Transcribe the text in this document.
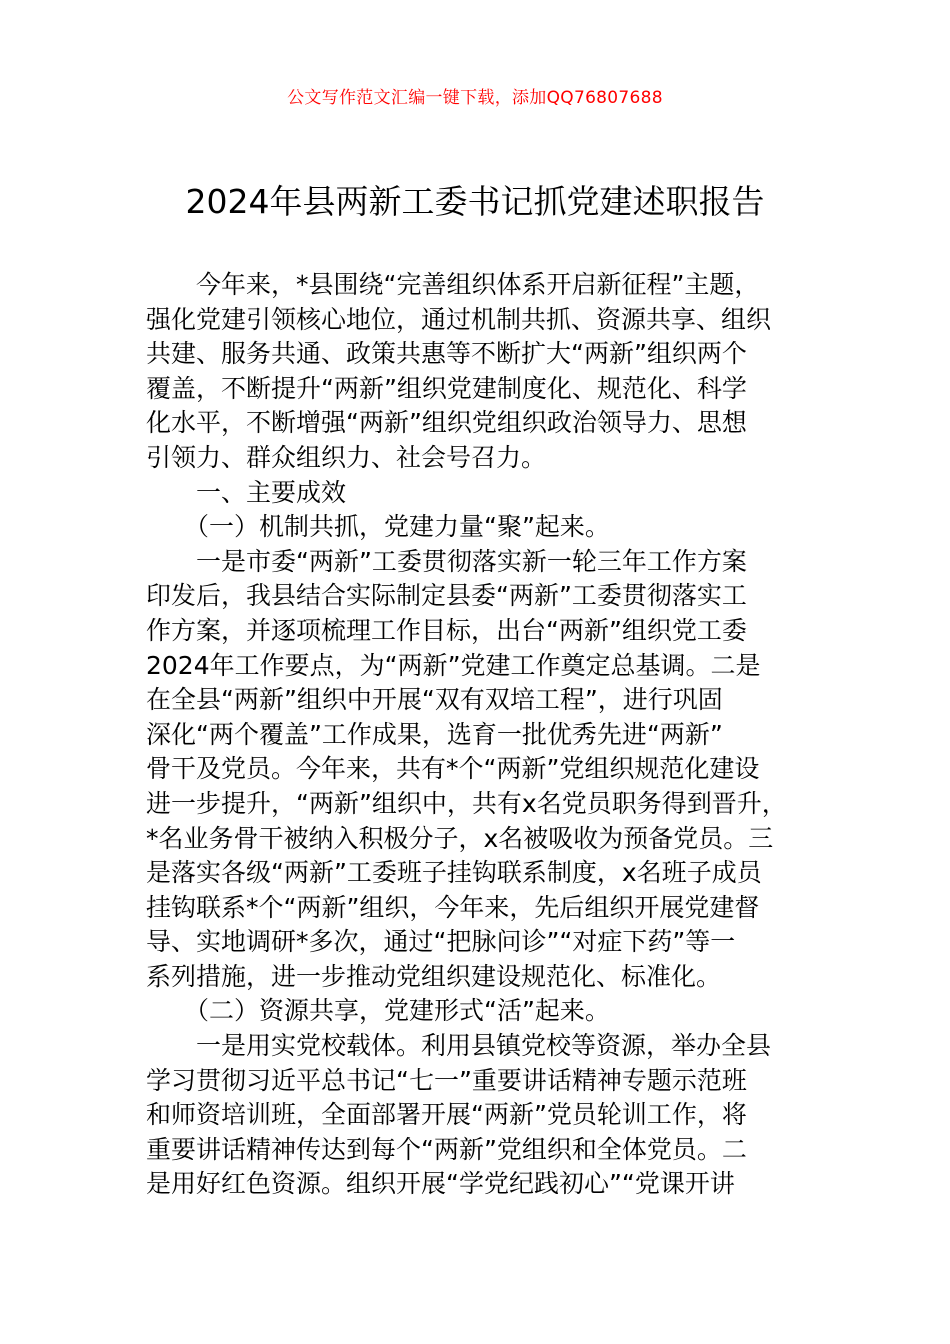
公文写作范文汇编一键下载，添加QQ76807688
2024年县两新工委书记抓党建述职报告
今年来，*县围绕“完善组织体系开启新征程”主题，
强化党建引领核心地位，通过机制共抓、资源共享、组织
共建、服务共通、政策共惠等不断扩大“两新”组织两个
覆盖，不断提升“两新”组织党建制度化、规范化、科学
化水平，不断增强“两新”组织党组织政治领导力、思想
引领力、群众组织力、社会号召力。
一、主要成效
（一）机制共抓，党建力量“聚”起来。
一是市委“两新”工委贯彻落实新一轮三年工作方案
印发后，我县结合实际制定县委“两新”工委贯彻落实工
作方案，并逐项梳理工作目标，出台“两新”组织党工委
2024年工作要点，为“两新”党建工作奠定总基调。二是
在全县“两新”组织中开展“双有双培工程”，进行巩固
深化“两个覆盖”工作成果，选育一批优秀先进“两新”
骨干及党员。今年来，共有*个“两新”党组织规范化建设
进一步提升，“两新”组织中，共有x名党员职务得到晋升，
*名业务骨干被纳入积极分子，x名被吸收为预备党员。三
是落实各级“两新”工委班子挂钩联系制度，x名班子成员
挂钩联系*个“两新”组织，今年来，先后组织开展党建督
导、实地调研*多次，通过“把脉问诊”“对症下药”等一
系列措施，进一步推动党组织建设规范化、标准化。
（二）资源共享，党建形式“活”起来。
一是用实党校载体。利用县镇党校等资源，举办全县
学习贯彻习近平总书记“七一”重要讲话精神专题示范班
和师资培训班，全面部署开展“两新”党员轮训工作，将
重要讲话精神传达到每个“两新”党组织和全体党员。二
是用好红色资源。组织开展“学党纪践初心”“党课开讲
